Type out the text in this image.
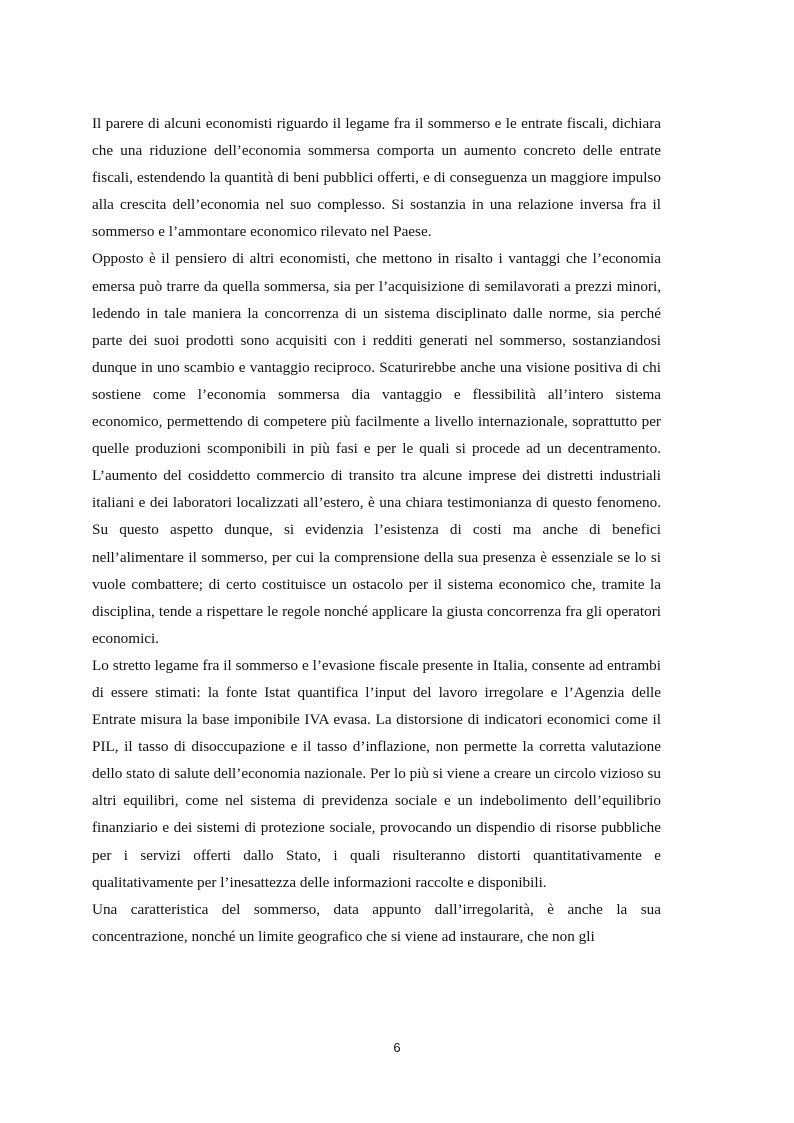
Il parere di alcuni economisti riguardo il legame fra il sommerso e le entrate fiscali, dichiara che una riduzione dell’economia sommersa comporta un aumento concreto delle entrate fiscali, estendendo la quantità di beni pubblici offerti, e di conseguenza un maggiore impulso alla crescita dell’economia nel suo complesso. Si sostanzia in una relazione inversa fra il sommerso e l’ammontare economico rilevato nel Paese.

Opposto è il pensiero di altri economisti, che mettono in risalto i vantaggi che l’economia emersa può trarre da quella sommersa, sia per l’acquisizione di semilavorati a prezzi minori, ledendo in tale maniera la concorrenza di un sistema disciplinato dalle norme, sia perché parte dei suoi prodotti sono acquisiti con i redditi generati nel sommerso, sostanziandosi dunque in uno scambio e vantaggio reciproco. Scaturirebbe anche una visione positiva di chi sostiene come l’economia sommersa dia vantaggio e flessibilità all’intero sistema economico, permettendo di competere più facilmente a livello internazionale, soprattutto per quelle produzioni scomponibili in più fasi e per le quali si procede ad un decentramento. L’aumento del cosiddetto commercio di transito tra alcune imprese dei distretti industriali italiani e dei laboratori localizzati all’estero, è una chiara testimonianza di questo fenomeno. Su questo aspetto dunque, si evidenzia l’esistenza di costi ma anche di benefici nell’alimentare il sommerso, per cui la comprensione della sua presenza è essenziale se lo si vuole combattere; di certo costituisce un ostacolo per il sistema economico che, tramite la disciplina, tende a rispettare le regole nonché applicare la giusta concorrenza fra gli operatori economici.

Lo stretto legame fra il sommerso e l’evasione fiscale presente in Italia, consente ad entrambi di essere stimati: la fonte Istat quantifica l’input del lavoro irregolare e l’Agenzia delle Entrate misura la base imponibile IVA evasa. La distorsione di indicatori economici come il PIL, il tasso di disoccupazione e il tasso d’inflazione, non permette la corretta valutazione dello stato di salute dell’economia nazionale. Per lo più si viene a creare un circolo vizioso su altri equilibri, come nel sistema di previdenza sociale e un indebolimento dell’equilibrio finanziario e dei sistemi di protezione sociale, provocando un dispendio di risorse pubbliche per i servizi offerti dallo Stato, i quali risulteranno distorti quantitativamente e qualitativamente per l’inesattezza delle informazioni raccolte e disponibili.

Una caratteristica del sommerso, data appunto dall’irregolarità, è anche la sua concentrazione, nonché un limite geografico che si viene ad instaurare, che non gli

6
